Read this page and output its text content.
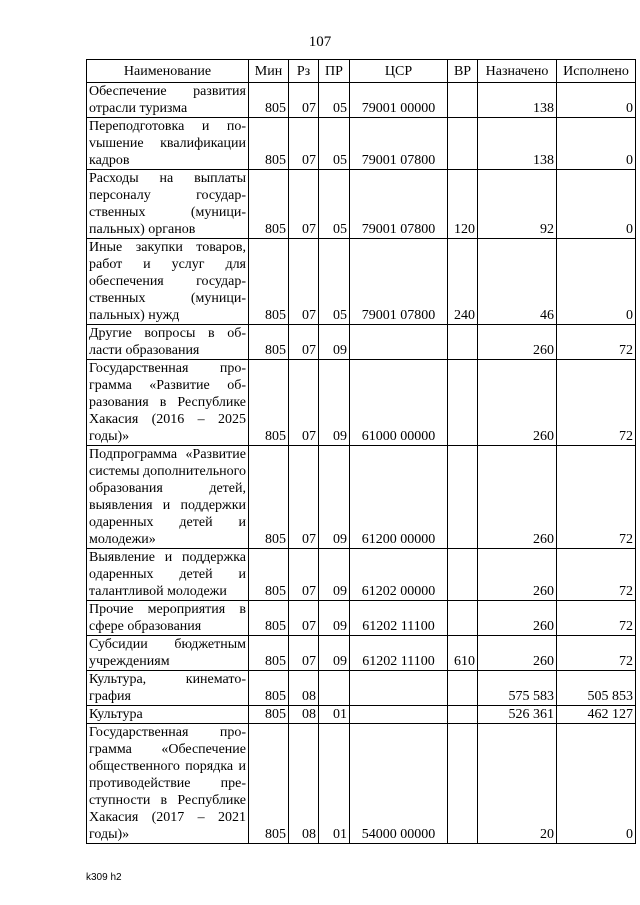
107
Наименование	Мин	Рз	ПР	ЦСР	ВР	Назначено	Исполнено
Обеспечение развития отрасли туризма	805	07	05	79001 00000		138	0
Переподготовка и поvышение квалификации кадров	805	07	05	79001 07800		138	0
Расходы на выплаты персоналу государственных (муниципальных) органов	805	07	05	79001 07800	120	92	0
Иные закупки товаров, работ и услуг для обеспечения государственных (муниципальных) нужд	805	07	05	79001 07800	240	46	0
Другие вопросы в области образования	805	07	09			260	72
Государственная программа «Развитие образования в Республике Хакасия (2016 – 2025 годы)»	805	07	09	61000 00000		260	72
Подпрограмма «Развитие системы дополнительного образования детей, выявления и поддержки одаренных детей и молодежи»	805	07	09	61200 00000		260	72
Выявление и поддержка одаренных детей и талантливой молодежи	805	07	09	61202 00000		260	72
Прочие мероприятия в сфере образования	805	07	09	61202 11100		260	72
Субсидии бюджетным учреждениям	805	07	09	61202 11100	610	260	72
Культура, кинематография	805	08				575 583	505 853
Культура	805	08	01			526 361	462 127
Государственная программа «Обеспечение общественного порядка и противодействие преступности в Республике Хакасия (2017 – 2021 годы)»	805	08	01	54000 00000		20	0
k309 h2
